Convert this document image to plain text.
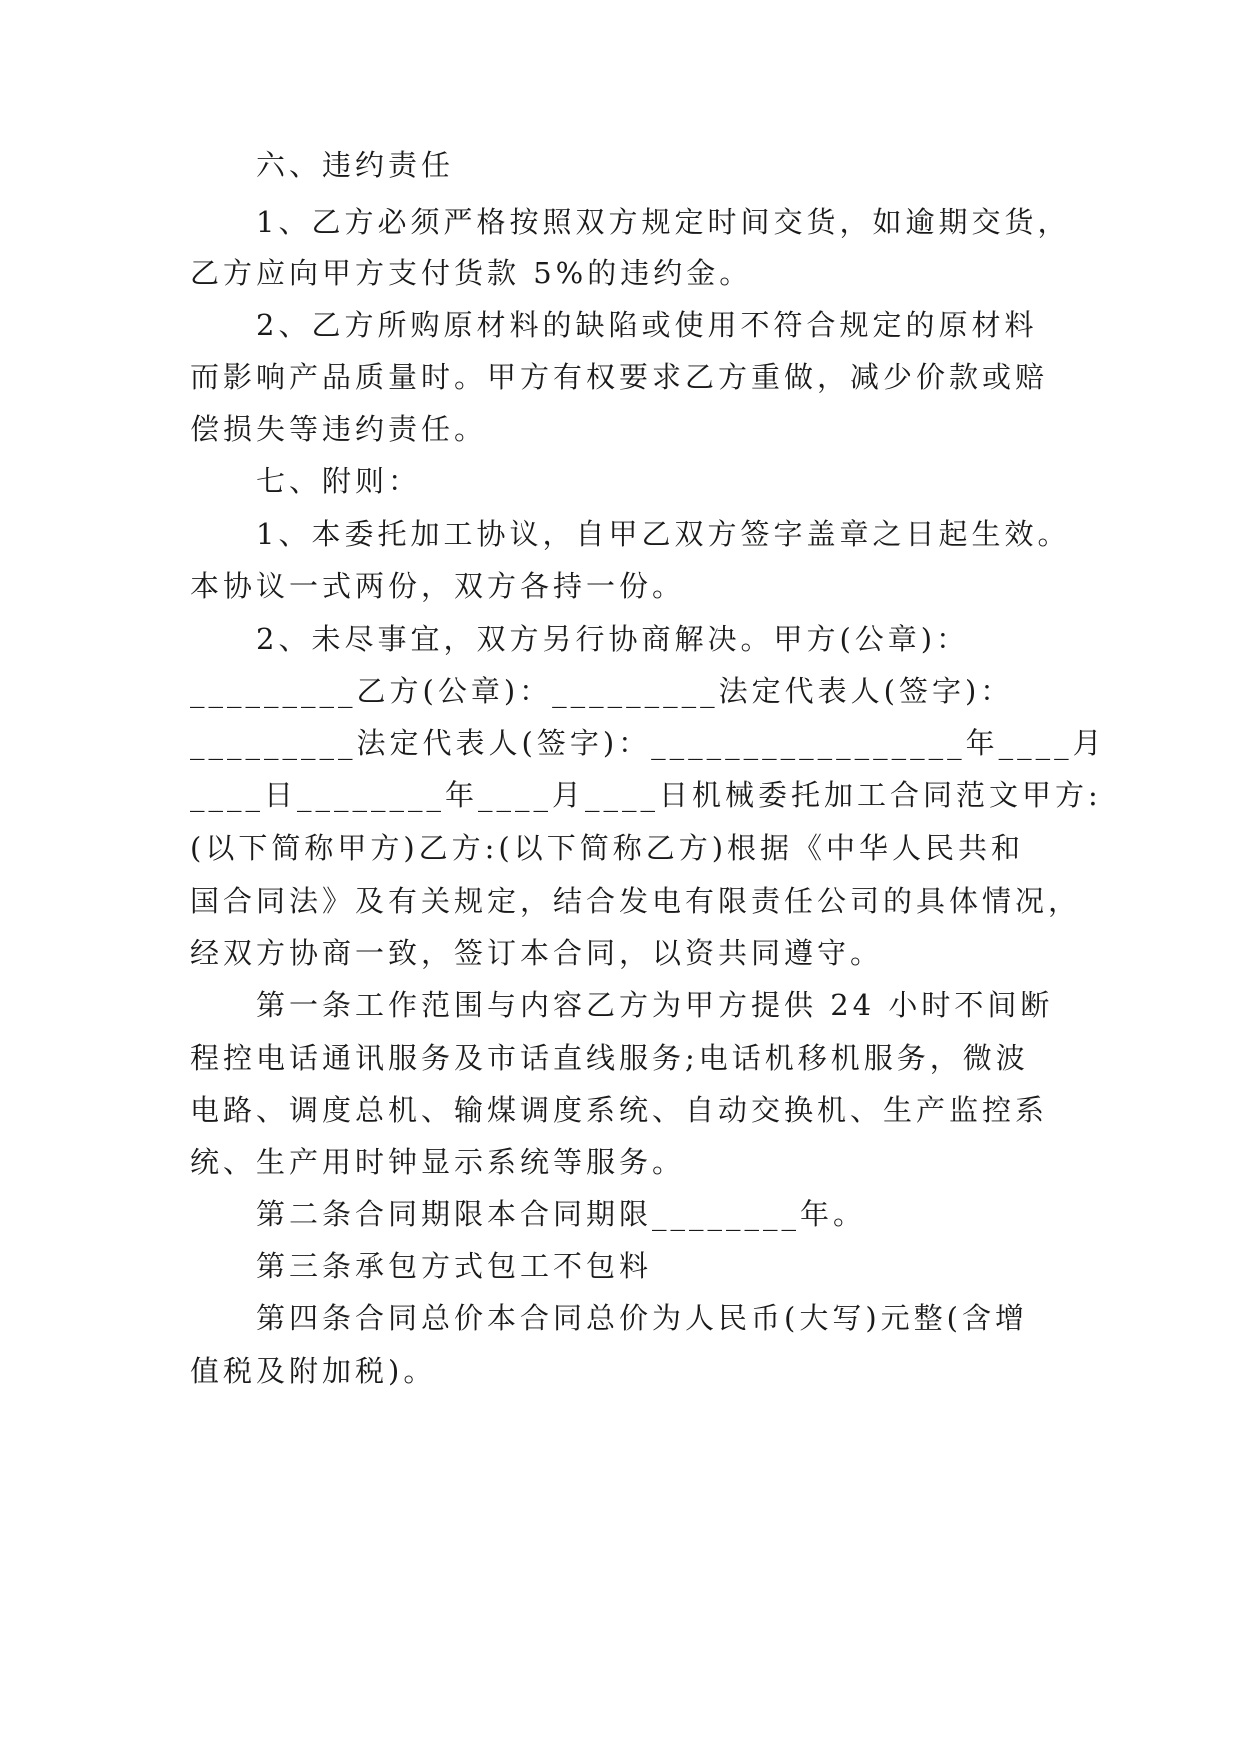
六、违约责任
1、乙方必须严格按照双方规定时间交货，如逾期交货，
乙方应向甲方支付货款 5%的违约金。
2、乙方所购原材料的缺陷或使用不符合规定的原材料
而影响产品质量时。甲方有权要求乙方重做，减少价款或赔
偿损失等违约责任。
七、附则：
1、本委托加工协议，自甲乙双方签字盖章之日起生效。
本协议一式两份，双方各持一份。
2、未尽事宜，双方另行协商解决。甲方(公章)：
_________乙方(公章)：_________法定代表人(签字)：
_________法定代表人(签字)：_________________年____月
____日________年____月____日机械委托加工合同范文甲方:
(以下简称甲方)乙方:(以下简称乙方)根据《中华人民共和
国合同法》及有关规定，结合发电有限责任公司的具体情况，
经双方协商一致，签订本合同，以资共同遵守。
第一条工作范围与内容乙方为甲方提供 24 小时不间断
程控电话通讯服务及市话直线服务;电话机移机服务，微波
电路、调度总机、输煤调度系统、自动交换机、生产监控系
统、生产用时钟显示系统等服务。
第二条合同期限本合同期限________年。
第三条承包方式包工不包料
第四条合同总价本合同总价为人民币(大写)元整(含增
值税及附加税)。
